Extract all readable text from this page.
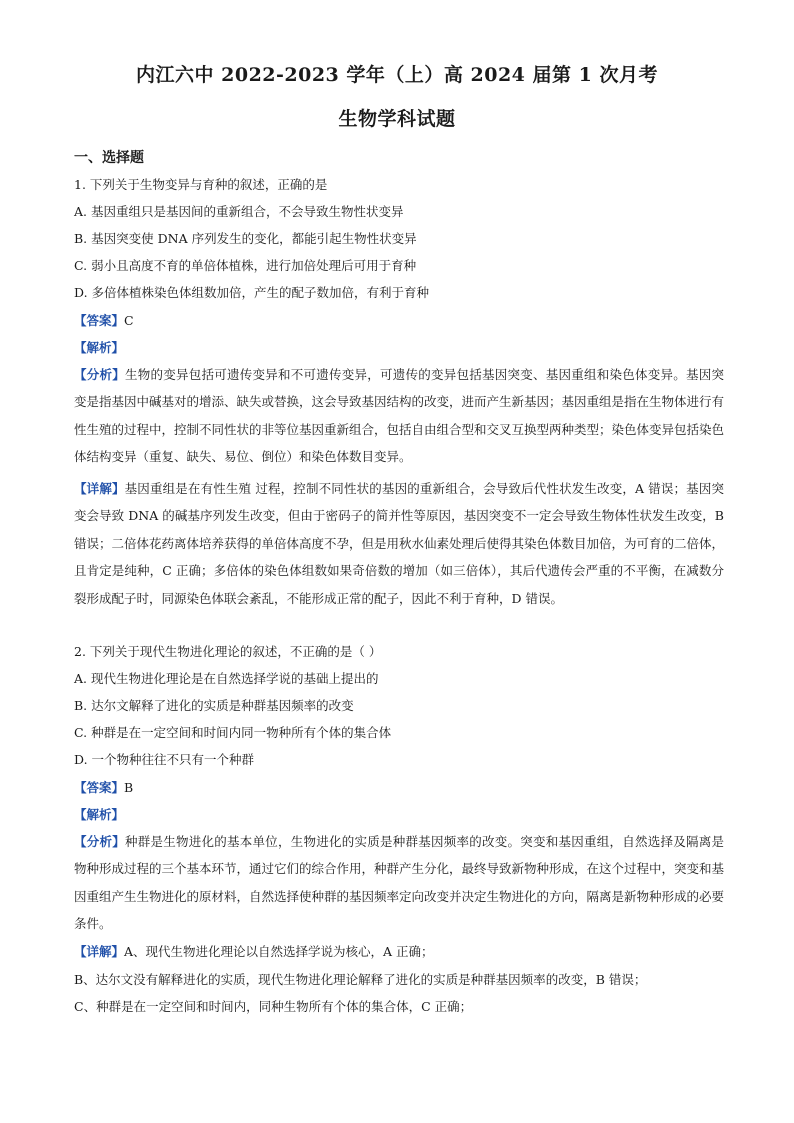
内江六中 2022-2023 学年（上）高 2024 届第 1 次月考
生物学科试题
一、选择题
1. 下列关于生物变异与育种的叙述，正确的是
A. 基因重组只是基因间的重新组合，不会导致生物性状变异
B. 基因突变使 DNA 序列发生的变化，都能引起生物性状变异
C. 弱小且高度不育的单倍体植株，进行加倍处理后可用于育种
D. 多倍体植株染色体组数加倍，产生的配子数加倍，有利于育种
【答案】C
【解析】
【分析】生物的变异包括可遗传变异和不可遗传变异，可遗传的变异包括基因突变、基因重组和染色体变异。基因突变是指基因中碱基对的增添、缺失或替换，这会导致基因结构的改变，进而产生新基因；基因重组是指在生物体进行有性生殖的过程中，控制不同性状的非等位基因重新组合，包括自由组合型和交叉互换型两种类型；染色体变异包括染色体结构变异（重复、缺失、易位、倒位）和染色体数目变异。
【详解】基因重组是在有性生殖 过程，控制不同性状的基因的重新组合，会导致后代性状发生改变，A 错误；基因突变会导致 DNA 的碱基序列发生改变，但由于密码子的简并性等原因，基因突变不一定会导致生物体性状发生改变，B 错误；二倍体花药离体培养获得的单倍体高度不孕，但是用秋水仙素处理后使得其染色体数目加倍，为可育的二倍体，且肯定是纯种，C 正确；多倍体的染色体组数如果奇倍数的增加（如三倍体），其后代遗传会严重的不平衡，在减数分裂形成配子时，同源染色体联会紊乱，不能形成正常的配子，因此不利于育种，D 错误。
2. 下列关于现代生物进化理论的叙述，不正确的是（ ）
A. 现代生物进化理论是在自然选择学说的基础上提出的
B. 达尔文解释了进化的实质是种群基因频率的改变
C. 种群是在一定空间和时间内同一物种所有个体的集合体
D. 一个物种往往不只有一个种群
【答案】B
【解析】
【分析】种群是生物进化的基本单位，生物进化的实质是种群基因频率的改变。突变和基因重组，自然选择及隔离是物种形成过程的三个基本环节，通过它们的综合作用，种群产生分化，最终导致新物种形成，在这个过程中，突变和基因重组产生生物进化的原材料，自然选择使种群的基因频率定向改变并决定生物进化的方向，隔离是新物种形成的必要条件。
【详解】A、现代生物进化理论以自然选择学说为核心，A 正确；
B、达尔文没有解释进化的实质，现代生物进化理论解释了进化的实质是种群基因频率的改变，B 错误；
C、种群是在一定空间和时间内，同种生物所有个体的集合体，C 正确；
